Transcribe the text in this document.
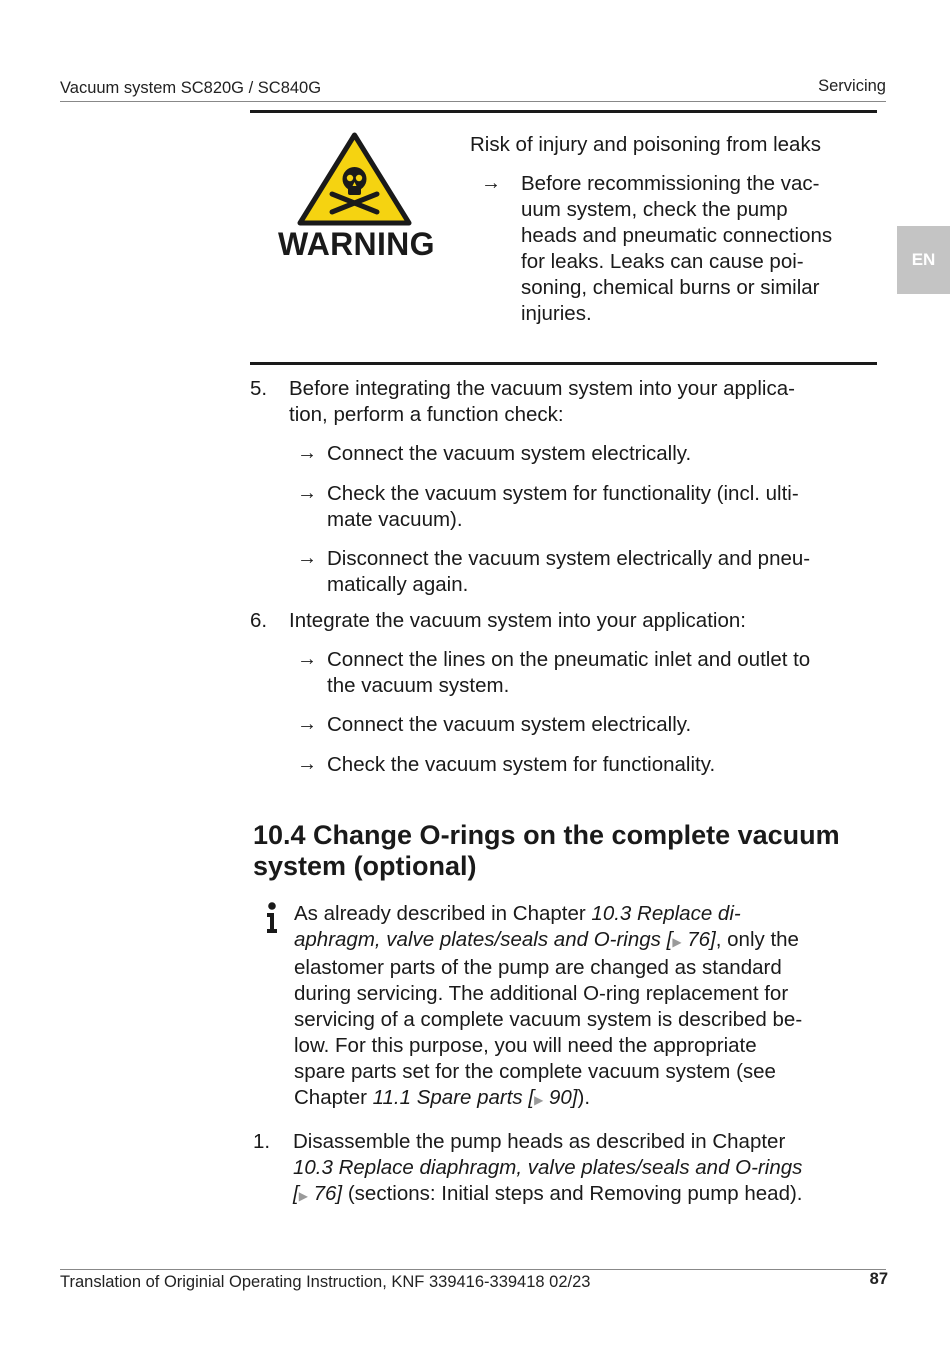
Vacuum system SC820G / SC840G	Servicing
EN
WARNING
Risk of injury and poisoning from leaks
→ Before recommissioning the vac-
uum system, check the pump
heads and pneumatic connections
for leaks. Leaks can cause poi-
soning, chemical burns or similar
injuries.
5. Before integrating the vacuum system into your applica-
tion, perform a function check:
→ Connect the vacuum system electrically.
→ Check the vacuum system for functionality (incl. ulti-
mate vacuum).
→ Disconnect the vacuum system electrically and pneu-
matically again.
6. Integrate the vacuum system into your application:
→ Connect the lines on the pneumatic inlet and outlet to
the vacuum system.
→ Connect the vacuum system electrically.
→ Check the vacuum system for functionality.
10.4 Change O-rings on the complete vacuum
system (optional)
As already described in Chapter 10.3 Replace di-
aphragm, valve plates/seals and O-rings [▶ 76], only the
elastomer parts of the pump are changed as standard
during servicing. The additional O-ring replacement for
servicing of a complete vacuum system is described be-
low. For this purpose, you will need the appropriate
spare parts set for the complete vacuum system (see
Chapter 11.1 Spare parts [▶ 90]).
1. Disassemble the pump heads as described in Chapter
10.3 Replace diaphragm, valve plates/seals and O-rings
[▶ 76] (sections: Initial steps and Removing pump head).
Translation of Originial Operating Instruction, KNF 339416-339418 02/23	87
